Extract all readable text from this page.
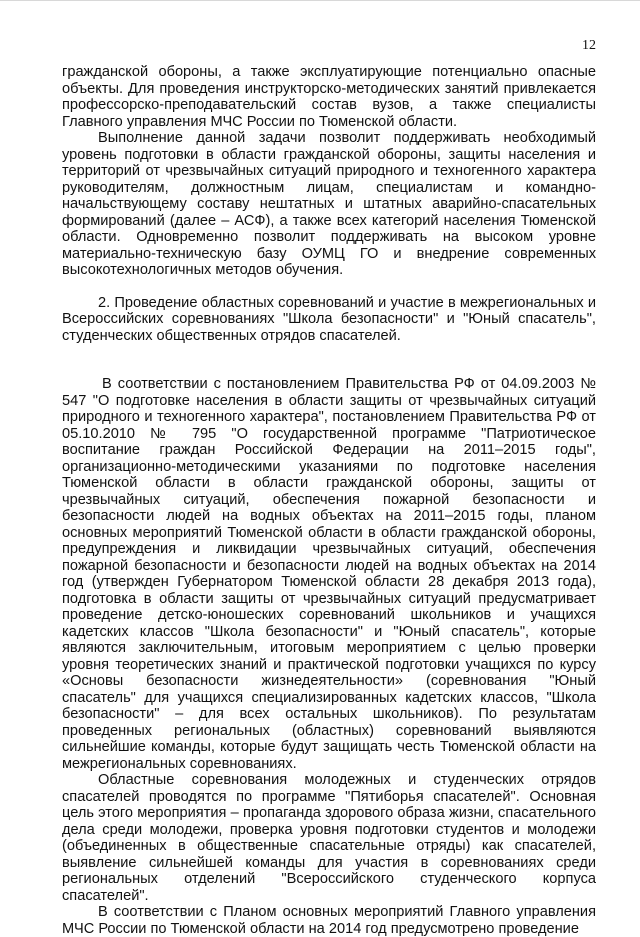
12

гражданской обороны, а также эксплуатирующие потенциально опасные объекты. Для проведения инструкторско-методических занятий привлекается профессорско-преподавательский состав вузов, а также специалисты Главного управления МЧС России по Тюменской области.

Выполнение данной задачи позволит поддерживать необходимый уровень подготовки в области гражданской обороны, защиты населения и территорий от чрезвычайных ситуаций природного и техногенного характера руководителям, должностным лицам, специалистам и командно-начальствующему составу нештатных и штатных аварийно-спасательных формирований (далее – АСФ), а также всех категорий населения Тюменской области. Одновременно позволит поддерживать на высоком уровне материально-техническую базу ОУМЦ ГО и внедрение современных высокотехнологичных методов обучения.

2. Проведение областных соревнований и участие в межрегиональных и Всероссийских соревнованиях "Школа безопасности" и "Юный спасатель", студенческих общественных отрядов спасателей.

В соответствии с постановлением Правительства РФ от 04.09.2003 № 547 "О подготовке населения в области защиты от чрезвычайных ситуаций природного и техногенного характера", постановлением Правительства РФ от 05.10.2010 № 795 "О государственной программе "Патриотическое воспитание граждан Российской Федерации на 2011–2015 годы", организационно-методическими указаниями по подготовке населения Тюменской области в области гражданской обороны, защиты от чрезвычайных ситуаций, обеспечения пожарной безопасности и безопасности людей на водных объектах на 2011–2015 годы, планом основных мероприятий Тюменской области в области гражданской обороны, предупреждения и ликвидации чрезвычайных ситуаций, обеспечения пожарной безопасности и безопасности людей на водных объектах на 2014 год (утвержден Губернатором Тюменской области 28 декабря 2013 года), подготовка в области защиты от чрезвычайных ситуаций предусматривает проведение детско-юношеских соревнований школьников и учащихся кадетских классов "Школа безопасности" и "Юный спасатель", которые являются заключительным, итоговым мероприятием с целью проверки уровня теоретических знаний и практической подготовки учащихся по курсу «Основы безопасности жизнедеятельности» (соревнования "Юный спасатель" для учащихся специализированных кадетских классов, "Школа безопасности" – для всех остальных школьников). По результатам проведенных региональных (областных) соревнований выявляются сильнейшие команды, которые будут защищать честь Тюменской области на межрегиональных соревнованиях.

Областные соревнования молодежных и студенческих отрядов спасателей проводятся по программе "Пятиборья спасателей". Основная цель этого мероприятия – пропаганда здорового образа жизни, спасательного дела среди молодежи, проверка уровня подготовки студентов и молодежи (объединенных в общественные спасательные отряды) как спасателей, выявление сильнейшей команды для участия в соревнованиях среди региональных отделений "Всероссийского студенческого корпуса спасателей".

В соответствии с Планом основных мероприятий Главного управления МЧС России по Тюменской области на 2014 год предусмотрено проведение
